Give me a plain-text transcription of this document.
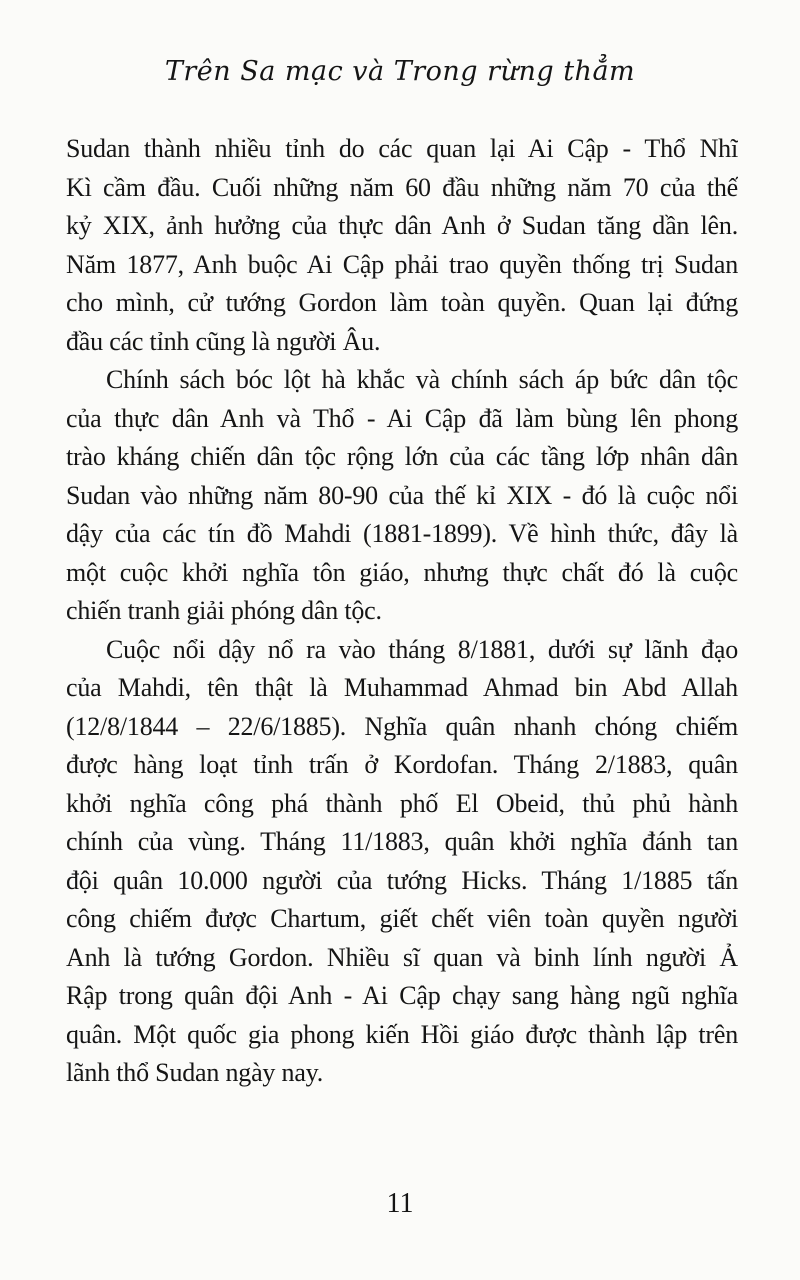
Trên Sa mạc và Trong rừng thẳm
Sudan thành nhiều tỉnh do các quan lại Ai Cập - Thổ Nhĩ
Kì cầm đầu. Cuối những năm 60 đầu những năm 70 của thế
kỷ XIX, ảnh hưởng của thực dân Anh ở Sudan tăng dần lên.
Năm 1877, Anh buộc Ai Cập phải trao quyền thống trị Sudan
cho mình, cử tướng Gordon làm toàn quyền. Quan lại đứng
đầu các tỉnh cũng là người Âu.
Chính sách bóc lột hà khắc và chính sách áp bức dân tộc
của thực dân Anh và Thổ - Ai Cập đã làm bùng lên phong
trào kháng chiến dân tộc rộng lớn của các tầng lớp nhân dân
Sudan vào những năm 80-90 của thế kỉ XIX - đó là cuộc nổi
dậy của các tín đồ Mahdi (1881-1899). Về hình thức, đây là
một cuộc khởi nghĩa tôn giáo, nhưng thực chất đó là cuộc
chiến tranh giải phóng dân tộc.
Cuộc nổi dậy nổ ra vào tháng 8/1881, dưới sự lãnh đạo
của Mahdi, tên thật là Muhammad Ahmad bin Abd Allah
(12/8/1844 – 22/6/1885). Nghĩa quân nhanh chóng chiếm
được hàng loạt tỉnh trấn ở Kordofan. Tháng 2/1883, quân
khởi nghĩa công phá thành phố El Obeid, thủ phủ hành
chính của vùng. Tháng 11/1883, quân khởi nghĩa đánh tan
đội quân 10.000 người của tướng Hicks. Tháng 1/1885 tấn
công chiếm được Chartum, giết chết viên toàn quyền người
Anh là tướng Gordon. Nhiều sĩ quan và binh lính người Ả
Rập trong quân đội Anh - Ai Cập chạy sang hàng ngũ nghĩa
quân. Một quốc gia phong kiến Hồi giáo được thành lập trên
lãnh thổ Sudan ngày nay.
11
